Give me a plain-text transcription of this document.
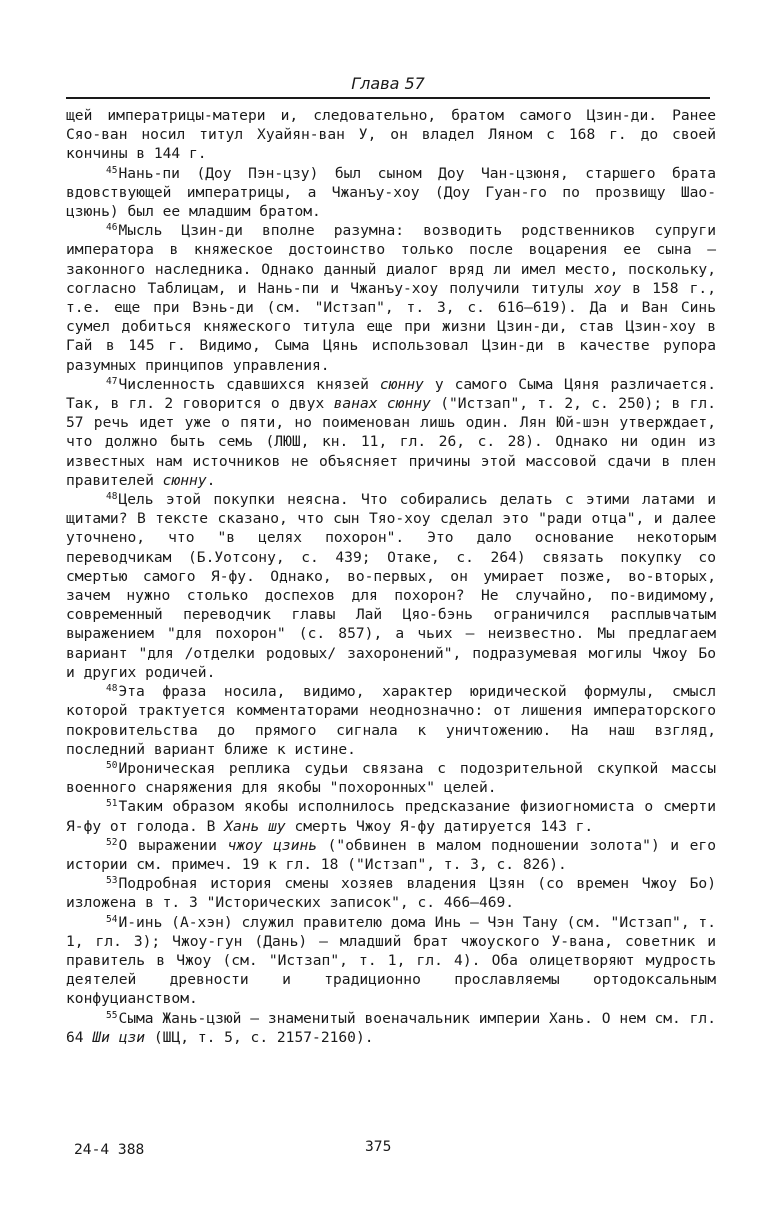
Глава 57

щей императрицы-матери и, следовательно, братом самого Цзин-ди. Ранее Сяо-ван носил титул Хуайян-ван У, он владел Ляном с 168 г. до своей кончины в 144 г.

$^{45}$Нань-пи (Доу Пэн-цзу) был сыном Доу Чан-цзюня, старшего брата вдовствующей императрицы, а Чжанъу-хоу (Доу Гуан-го по прозвищу Шао-цзюнь) был ее младшим братом.

$^{46}$Мысль Цзин-ди вполне разумна: возводить родственников супруги императора в княжеское достоинство только после воцарения ее сына — законного наследника. Однако данный диалог вряд ли имел место, поскольку, согласно Таблицам, и Нань-пи и Чжанъу-хоу получили титулы хоу в 158 г., т.е. еще при Вэнь-ди (см. "Истзап", т. 3, с. 616—619). Да и Ван Синь сумел добиться княжеского титула еще при жизни Цзин-ди, став Цзин-хоу в Гай в 145 г. Видимо, Сыма Цянь использовал Цзин-ди в качестве рупора разумных принципов управления.

$^{47}$Численность сдавшихся князей сюнну у самого Сыма Цяня различается. Так, в гл. 2 говорится о двух ванах сюнну ("Истзап", т. 2, с. 250); в гл. 57 речь идет уже о пяти, но поименован лишь один. Лян Юй-шэн утверждает, что должно быть семь (ЛЮШ, кн. 11, гл. 26, с. 28). Однако ни один из известных нам источников не объясняет причины этой массовой сдачи в плен правителей сюнну.

$^{48}$Цель этой покупки неясна. Что собирались делать с этими латами и щитами? В тексте сказано, что сын Тяо-хоу сделал это "ради отца", и далее уточнено, что "в целях похорон". Это дало основание некоторым переводчикам (Б.Уотсону, с. 439; Отаке, с. 264) связать покупку со смертью самого Я-фу. Однако, во-первых, он умирает позже, во-вторых, зачем нужно столько доспехов для похорон? Не случайно, по-видимому, современный переводчик главы Лай Цяо-бэнь ограничился расплывчатым выражением "для похорон" (с. 857), а чьих — неизвестно. Мы предлагаем вариант "для /отделки родовых/ захоронений", подразумевая могилы Чжоу Бо и других родичей.

$^{48}$Эта фраза носила, видимо, характер юридической формулы, смысл которой трактуется комментаторами неоднозначно: от лишения императорского покровительства до прямого сигнала к уничтожению. На наш взгляд, последний вариант ближе к истине.

$^{50}$Ироническая реплика судьи связана с подозрительной скупкой массы военного снаряжения для якобы "похоронных" целей.

$^{51}$Таким образом якобы исполнилось предсказание физиогномиста о смерти Я-фу от голода. В Хань шу смерть Чжоу Я-фу датируется 143 г.

$^{52}$О выражении чжоу цзинь ("обвинен в малом подношении золота") и его истории см. примеч. 19 к гл. 18 ("Истзап", т. 3, с. 826).

$^{53}$Подробная история смены хозяев владения Цзян (со времен Чжоу Бо) изложена в т. 3 "Исторических записок", с. 466—469.

$^{54}$И-инь (А-хэн) служил правителю дома Инь — Чэн Тану (см. "Истзап", т. 1, гл. 3); Чжоу-гун (Дань) — младший брат чжоуского У-вана, советник и правитель в Чжоу (см. "Истзап", т. 1, гл. 4). Оба олицетворяют мудрость деятелей древности и традиционно прославляемы ортодоксальным конфуцианством.

$^{55}$Сыма Жань-цзюй — знаменитый военачальник империи Хань. О нем см. гл. 64 Ши цзи (ШЦ, т. 5, с. 2157-2160).

24-4 388	375
